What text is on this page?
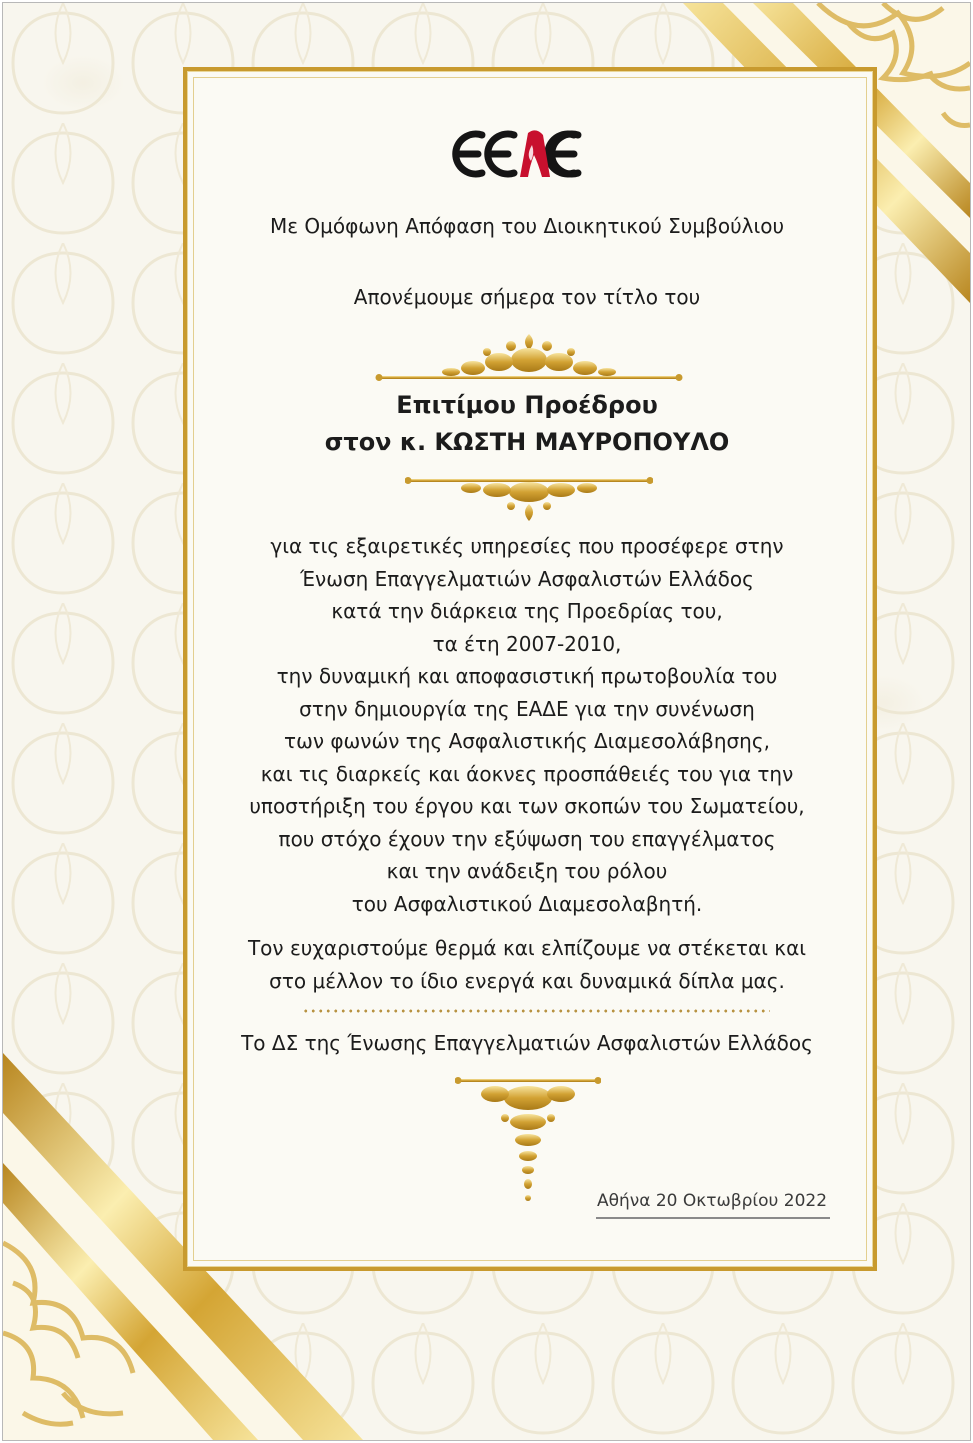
Με Ομόφωνη Απόφαση του Διοικητικού Συμβούλιου
Απονέμουμε σήμερα τον τίτλο του
Επιτίμου Προέδρου
στον κ. ΚΩΣΤΗ ΜΑΥΡΟΠΟΥΛΟ
για τις εξαιρετικές υπηρεσίες που προσέφερε στην
Ένωση Επαγγελματιών Ασφαλιστών Ελλάδος
κατά την διάρκεια της Προεδρίας του,
τα έτη 2007-2010,
την δυναμική και αποφασιστική πρωτοβουλία του
στην δημιουργία της ΕΑΔΕ για την συνένωση
των φωνών της Ασφαλιστικής Διαμεσολάβησης,
και τις διαρκείς και άοκνες προσπάθειές του για την
υποστήριξη του έργου και των σκοπών του Σωματείου,
που στόχο έχουν την εξύψωση του επαγγέλματος
και την ανάδειξη του ρόλου
του Ασφαλιστικού Διαμεσολαβητή.
Τον ευχαριστούμε θερμά και ελπίζουμε να στέκεται και
στο μέλλον το ίδιο ενεργά και δυναμικά δίπλα μας.
Το ΔΣ της Ένωσης Επαγγελματιών Ασφαλιστών Ελλάδος
Αθήνα 20 Οκτωβρίου 2022
